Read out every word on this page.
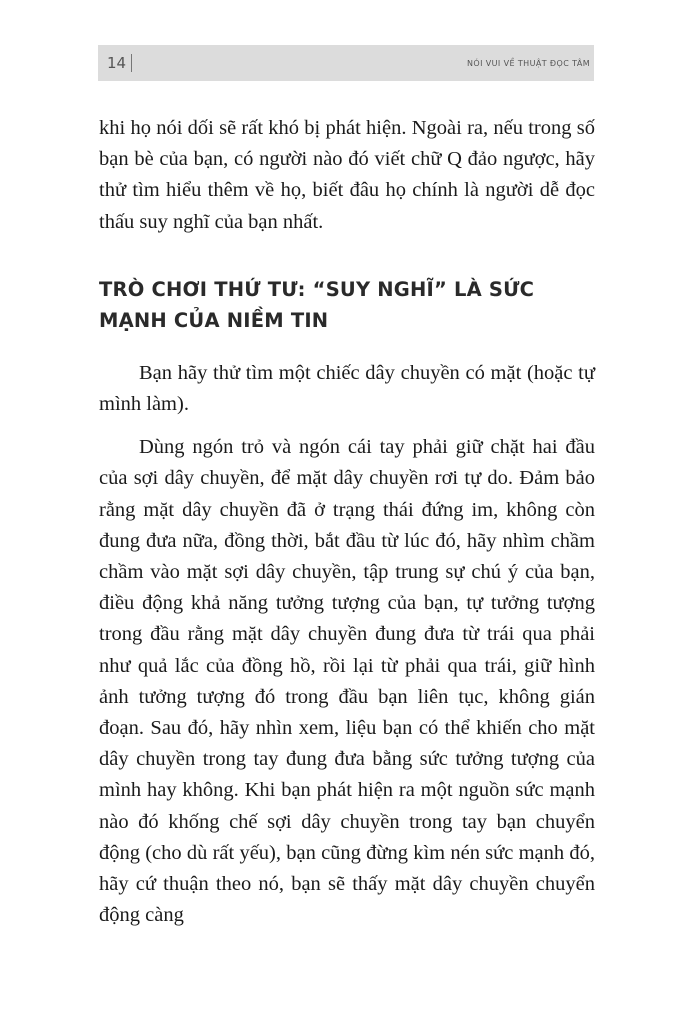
14	NÓI VUI VỀ THUẬT ĐỌC TÂM

khi họ nói dối sẽ rất khó bị phát hiện. Ngoài ra, nếu trong số bạn bè của bạn, có người nào đó viết chữ Q đảo ngược, hãy thử tìm hiểu thêm về họ, biết đâu họ chính là người dễ đọc thấu suy nghĩ của bạn nhất.

TRÒ CHƠI THỨ TƯ: “SUY NGHĨ” LÀ SỨC MẠNH CỦA NIỀM TIN

Bạn hãy thử tìm một chiếc dây chuyền có mặt (hoặc tự mình làm).

Dùng ngón trỏ và ngón cái tay phải giữ chặt hai đầu của sợi dây chuyền, để mặt dây chuyền rơi tự do. Đảm bảo rằng mặt dây chuyền đã ở trạng thái đứng im, không còn đung đưa nữa, đồng thời, bắt đầu từ lúc đó, hãy nhìm chầm chầm vào mặt sợi dây chuyền, tập trung sự chú ý của bạn, điều động khả năng tưởng tượng của bạn, tự tưởng tượng trong đầu rằng mặt dây chuyền đung đưa từ trái qua phải như quả lắc của đồng hồ, rồi lại từ phải qua trái, giữ hình ảnh tưởng tượng đó trong đầu bạn liên tục, không gián đoạn. Sau đó, hãy nhìn xem, liệu bạn có thể khiến cho mặt dây chuyền trong tay đung đưa bằng sức tưởng tượng của mình hay không. Khi bạn phát hiện ra một nguồn sức mạnh nào đó khống chế sợi dây chuyền trong tay bạn chuyển động (cho dù rất yếu), bạn cũng đừng kìm nén sức mạnh đó, hãy cứ thuận theo nó, bạn sẽ thấy mặt dây chuyền chuyển động càng
